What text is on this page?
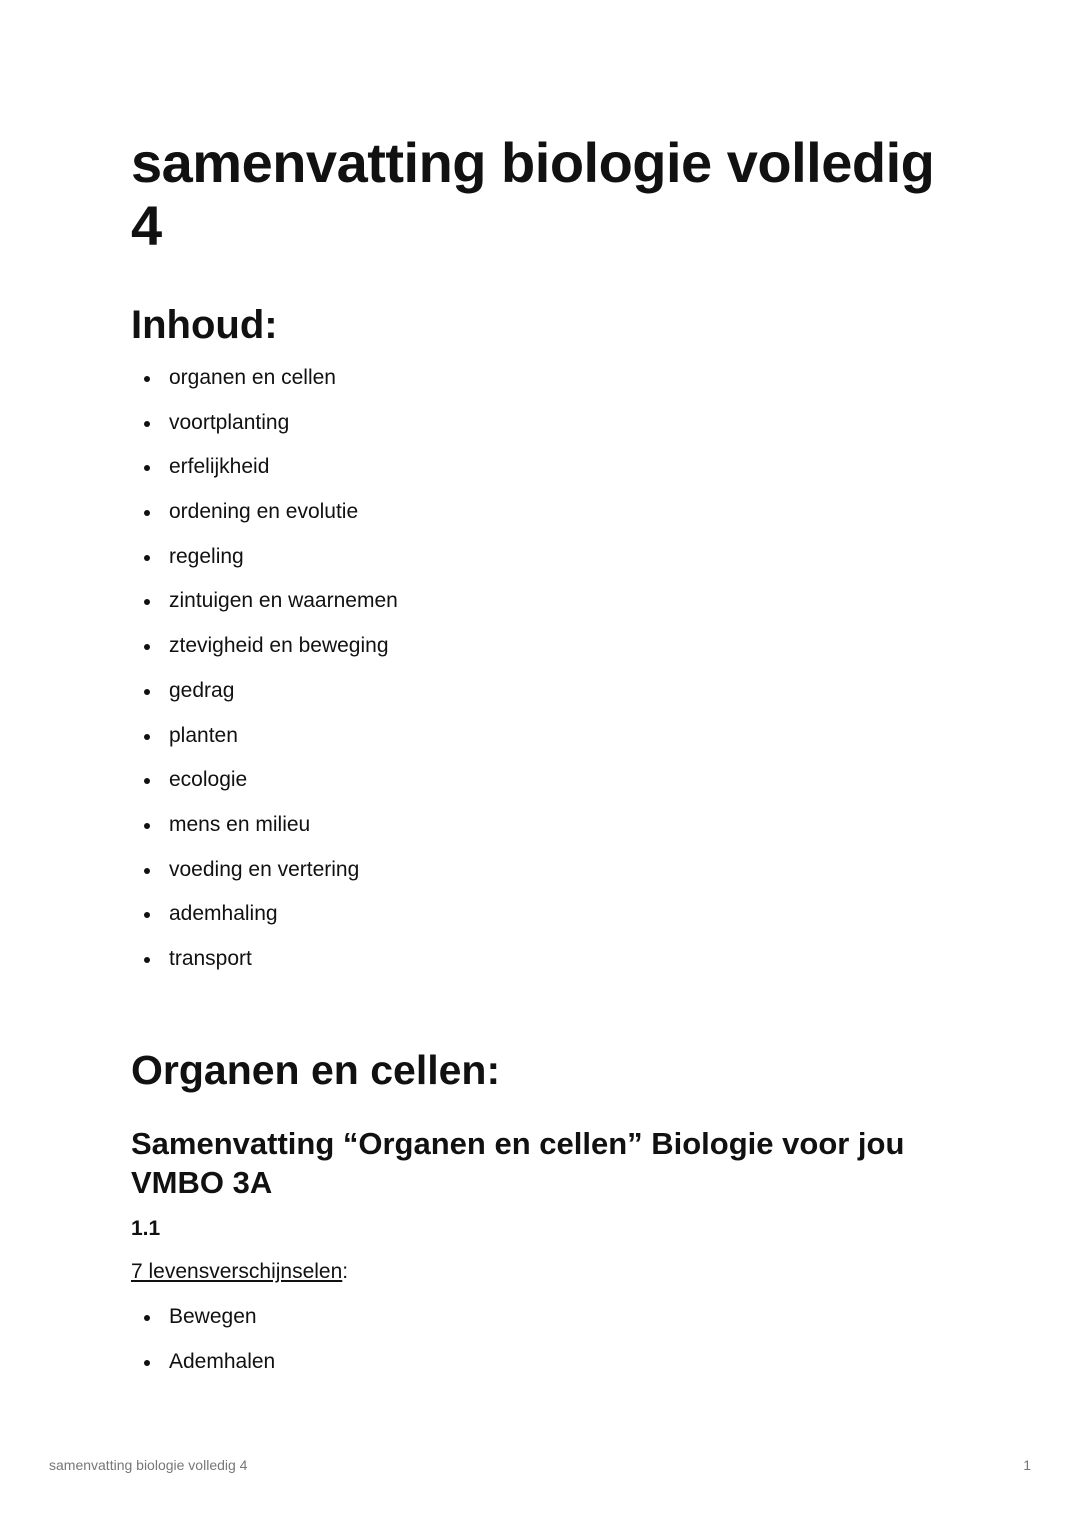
samenvatting biologie volledig 4
Inhoud:
organen en cellen
voortplanting
erfelijkheid
ordening en evolutie
regeling
zintuigen en waarnemen
ztevigheid en beweging
gedrag
planten
ecologie
mens en milieu
voeding en vertering
ademhaling
transport
Organen en cellen:
Samenvatting “Organen en cellen” Biologie voor jou VMBO 3A
1.1
7 levensverschijnselen:
Bewegen
Ademhalen
samenvatting biologie volledig 4	1
